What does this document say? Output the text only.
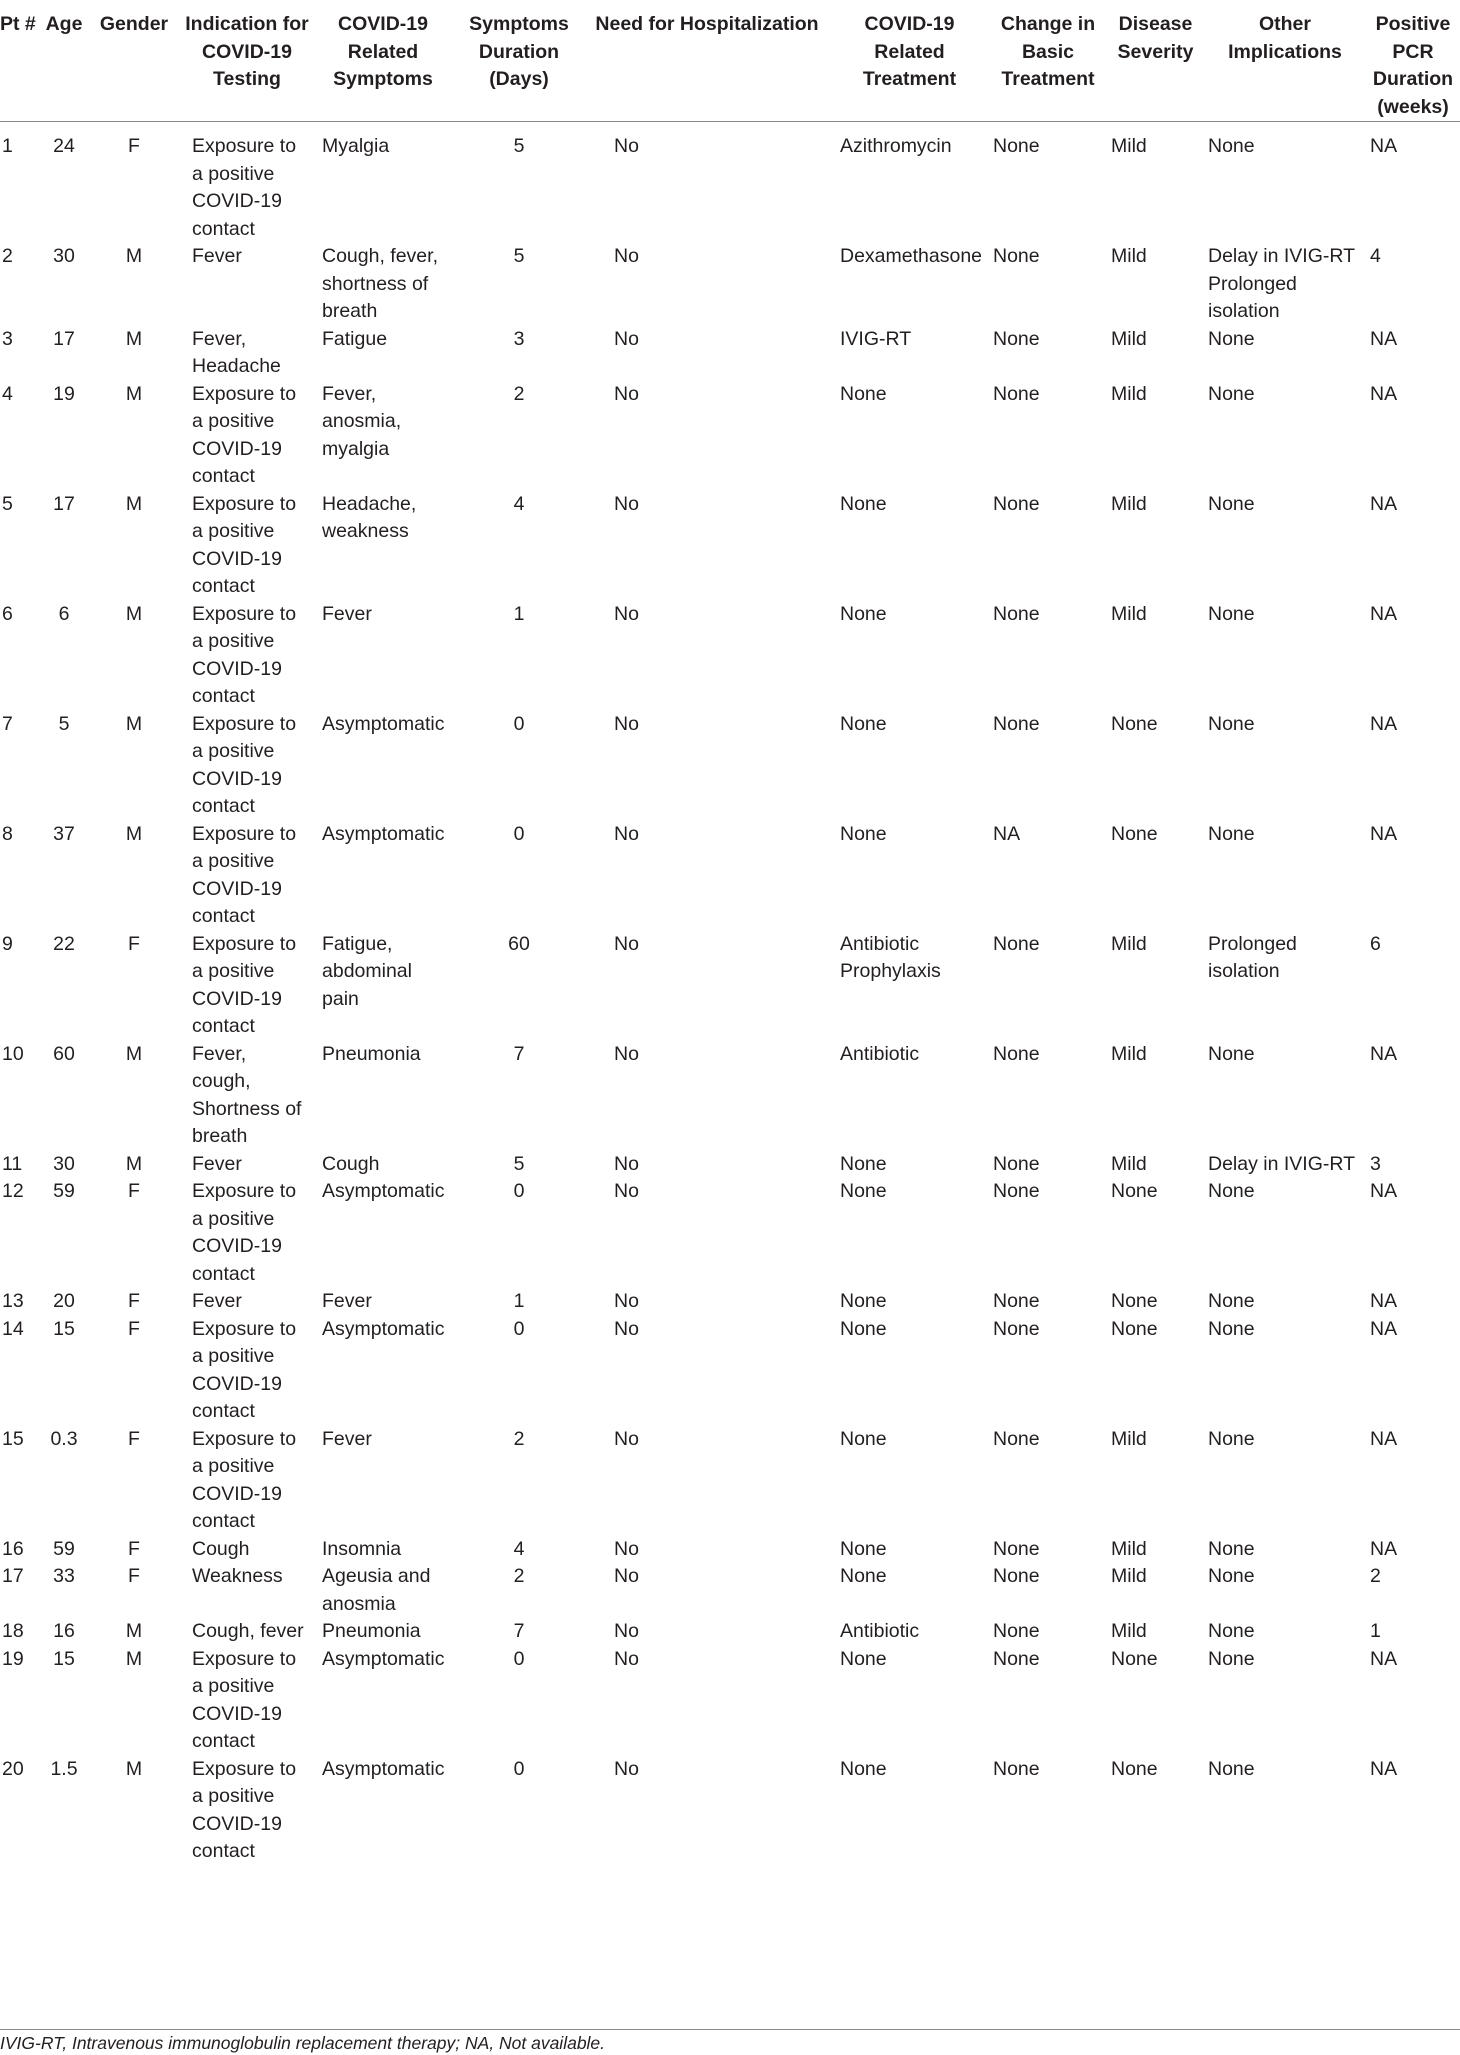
Pt #	Age	Gender	Indication for COVID-19 Testing	COVID-19 Related Symptoms	Symptoms Duration (Days)	Need for Hospitalization	COVID-19 Related Treatment	Change in Basic Treatment	Disease Severity	Other Implications	Positive PCR Duration (weeks)
1	24	F	Exposure to a positive COVID-19 contact	Myalgia	5	No	Azithromycin	None	Mild	None	NA
2	30	M	Fever	Cough, fever, shortness of breath	5	No	Dexamethasone	None	Mild	Delay in IVIG-RT Prolonged isolation	4
3	17	M	Fever, Headache	Fatigue	3	No	IVIG-RT	None	Mild	None	NA
4	19	M	Exposure to a positive COVID-19 contact	Fever, anosmia, myalgia	2	No	None	None	Mild	None	NA
5	17	M	Exposure to a positive COVID-19 contact	Headache, weakness	4	No	None	None	Mild	None	NA
6	6	M	Exposure to a positive COVID-19 contact	Fever	1	No	None	None	Mild	None	NA
7	5	M	Exposure to a positive COVID-19 contact	Asymptomatic	0	No	None	None	None	None	NA
8	37	M	Exposure to a positive COVID-19 contact	Asymptomatic	0	No	None	NA	None	None	NA
9	22	F	Exposure to a positive COVID-19 contact	Fatigue, abdominal pain	60	No	Antibiotic Prophylaxis	None	Mild	Prolonged isolation	6
10	60	M	Fever, cough, Shortness of breath	Pneumonia	7	No	Antibiotic	None	Mild	None	NA
11	30	M	Fever	Cough	5	No	None	None	Mild	Delay in IVIG-RT	3
12	59	F	Exposure to a positive COVID-19 contact	Asymptomatic	0	No	None	None	None	None	NA
13	20	F	Fever	Fever	1	No	None	None	None	None	NA
14	15	F	Exposure to a positive COVID-19 contact	Asymptomatic	0	No	None	None	None	None	NA
15	0.3	F	Exposure to a positive COVID-19 contact	Fever	2	No	None	None	Mild	None	NA
16	59	F	Cough	Insomnia	4	No	None	None	Mild	None	NA
17	33	F	Weakness	Ageusia and anosmia	2	No	None	None	Mild	None	2
18	16	M	Cough, fever	Pneumonia	7	No	Antibiotic	None	Mild	None	1
19	15	M	Exposure to a positive COVID-19 contact	Asymptomatic	0	No	None	None	None	None	NA
20	1.5	M	Exposure to a positive COVID-19 contact	Asymptomatic	0	No	None	None	None	None	NA
IVIG-RT, Intravenous immunoglobulin replacement therapy; NA, Not available.
